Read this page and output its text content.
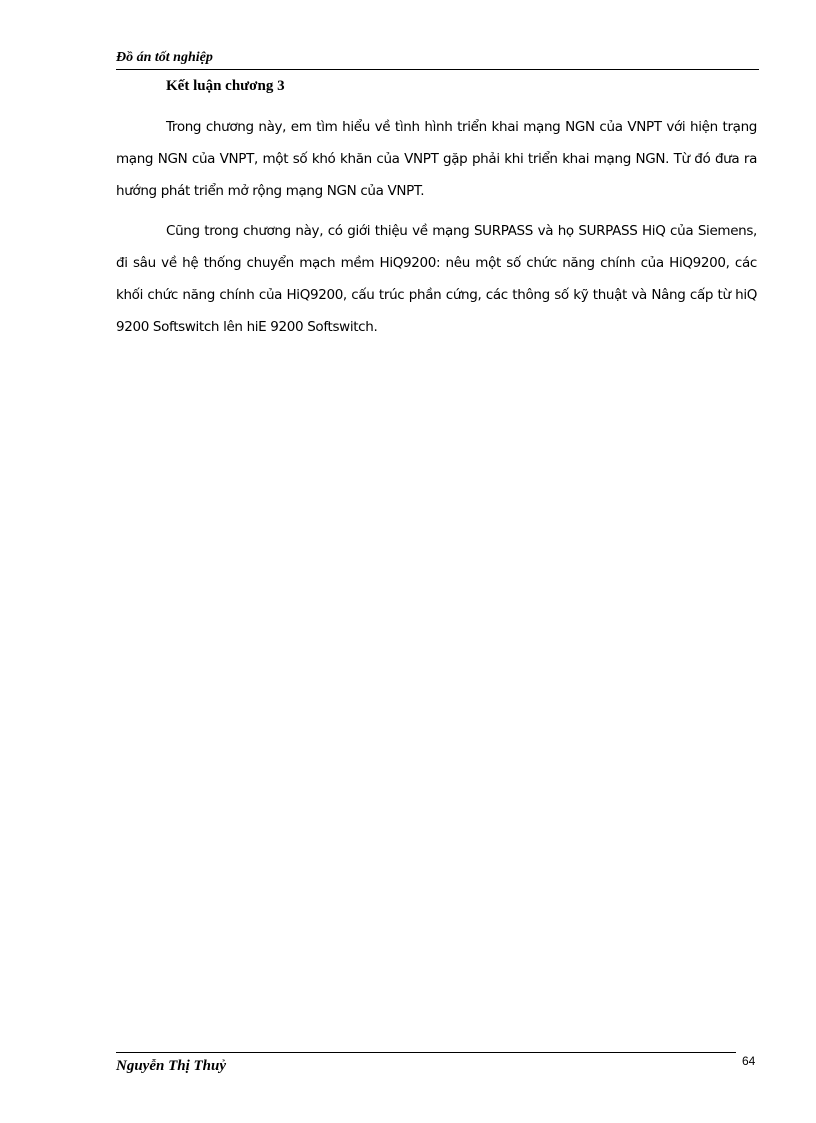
Đồ án tốt nghiệp
Kết luận chương 3

Trong chương này, em tìm hiểu về tình hình triển khai mạng NGN của VNPT với hiện trạng mạng NGN của VNPT, một số khó khăn của VNPT gặp phải khi triển khai mạng NGN. Từ đó đưa ra hướng phát triển mở rộng mạng NGN của VNPT.

Cũng trong chương này, có giới thiệu về mạng SURPASS và họ SURPASS HiQ của Siemens, đi sâu về hệ thống chuyển mạch mềm HiQ9200: nêu một số chức năng chính của HiQ9200, các khối chức năng chính của HiQ9200, cấu trúc phần cứng, các thông số kỹ thuật và Nâng cấp từ hiQ 9200 Softswitch lên hiE 9200 Softswitch.

Nguyễn Thị Thuỷ	64
